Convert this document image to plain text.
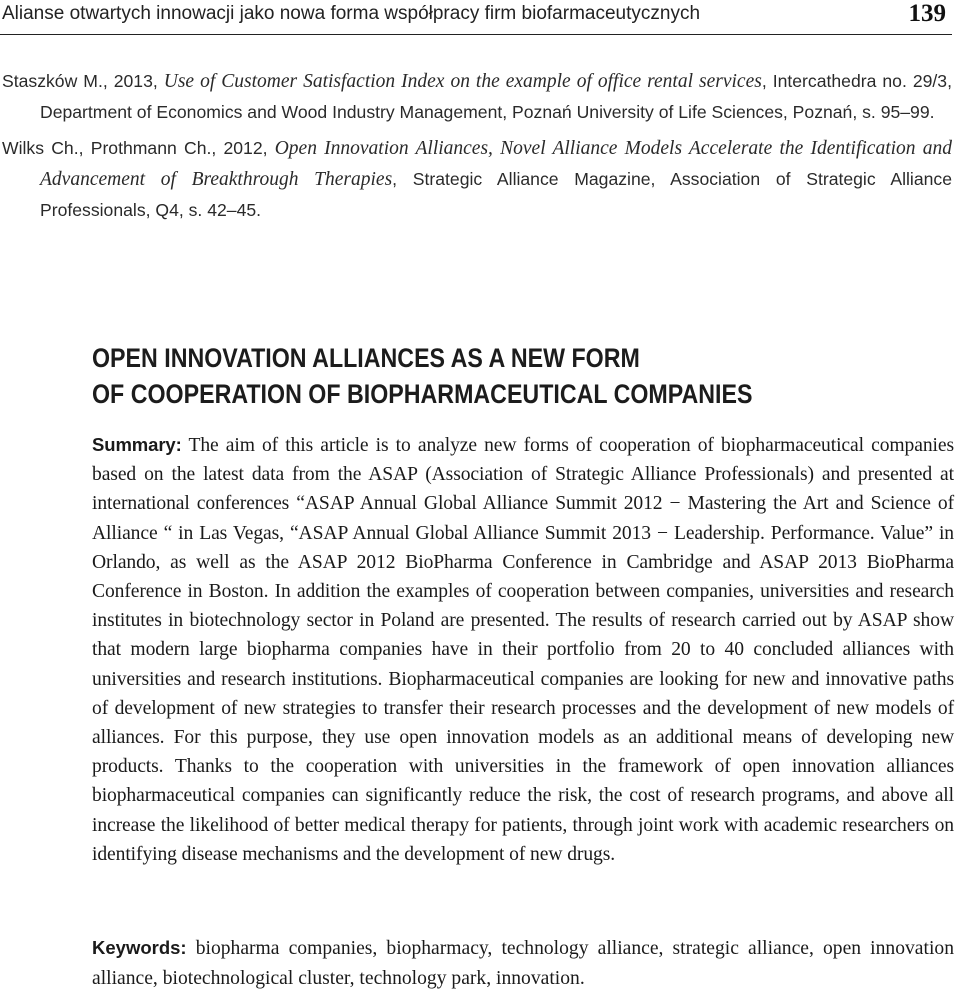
Alianse otwartych innowacji jako nowa forma współpracy firm biofarmaceutycznych	139

Staszków M., 2013, Use of Customer Satisfaction Index on the example of office rental services, Intercathedra no. 29/3, Department of Economics and Wood Industry Management, Poznań University of Life Sciences, Poznań, s. 95–99.

Wilks Ch., Prothmann Ch., 2012, Open Innovation Alliances, Novel Alliance Models Accelerate the Identification and Advancement of Breakthrough Therapies, Strategic Alliance Magazine, Association of Strategic Alliance Professionals, Q4, s. 42–45.

OPEN INNOVATION ALLIANCES AS A NEW FORM
OF COOPERATION OF BIOPHARMACEUTICAL COMPANIES

Summary: The aim of this article is to analyze new forms of cooperation of biopharmaceutical companies based on the latest data from the ASAP (Association of Strategic Alliance Professionals) and presented at international conferences “ASAP Annual Global Alliance Summit 2012 − Mastering the Art and Science of Alliance “ in Las Vegas, “ASAP Annual Global Alliance Summit 2013 − Leadership. Performance. Value” in Orlando, as well as the ASAP 2012 BioPharma Conference in Cambridge and ASAP 2013 BioPharma Conference in Boston. In addition the examples of cooperation between companies, universities and research institutes in biotechnology sector in Poland are presented. The results of research carried out by ASAP show that modern large biopharma companies have in their portfolio from 20 to 40 concluded alliances with universities and research institutions. Biopharmaceutical companies are looking for new and innovative paths of development of new strategies to transfer their research processes and the development of new models of alliances. For this purpose, they use open innovation models as an additional means of developing new products. Thanks to the cooperation with universities in the framework of open innovation alliances biopharmaceutical companies can significantly reduce the risk, the cost of research programs, and above all increase the likelihood of better medical therapy for patients, through joint work with academic researchers on identifying disease mechanisms and the development of new drugs.

Keywords: biopharma companies, biopharmacy, technology alliance, strategic alliance, open innovation alliance, biotechnological cluster, technology park, innovation.
